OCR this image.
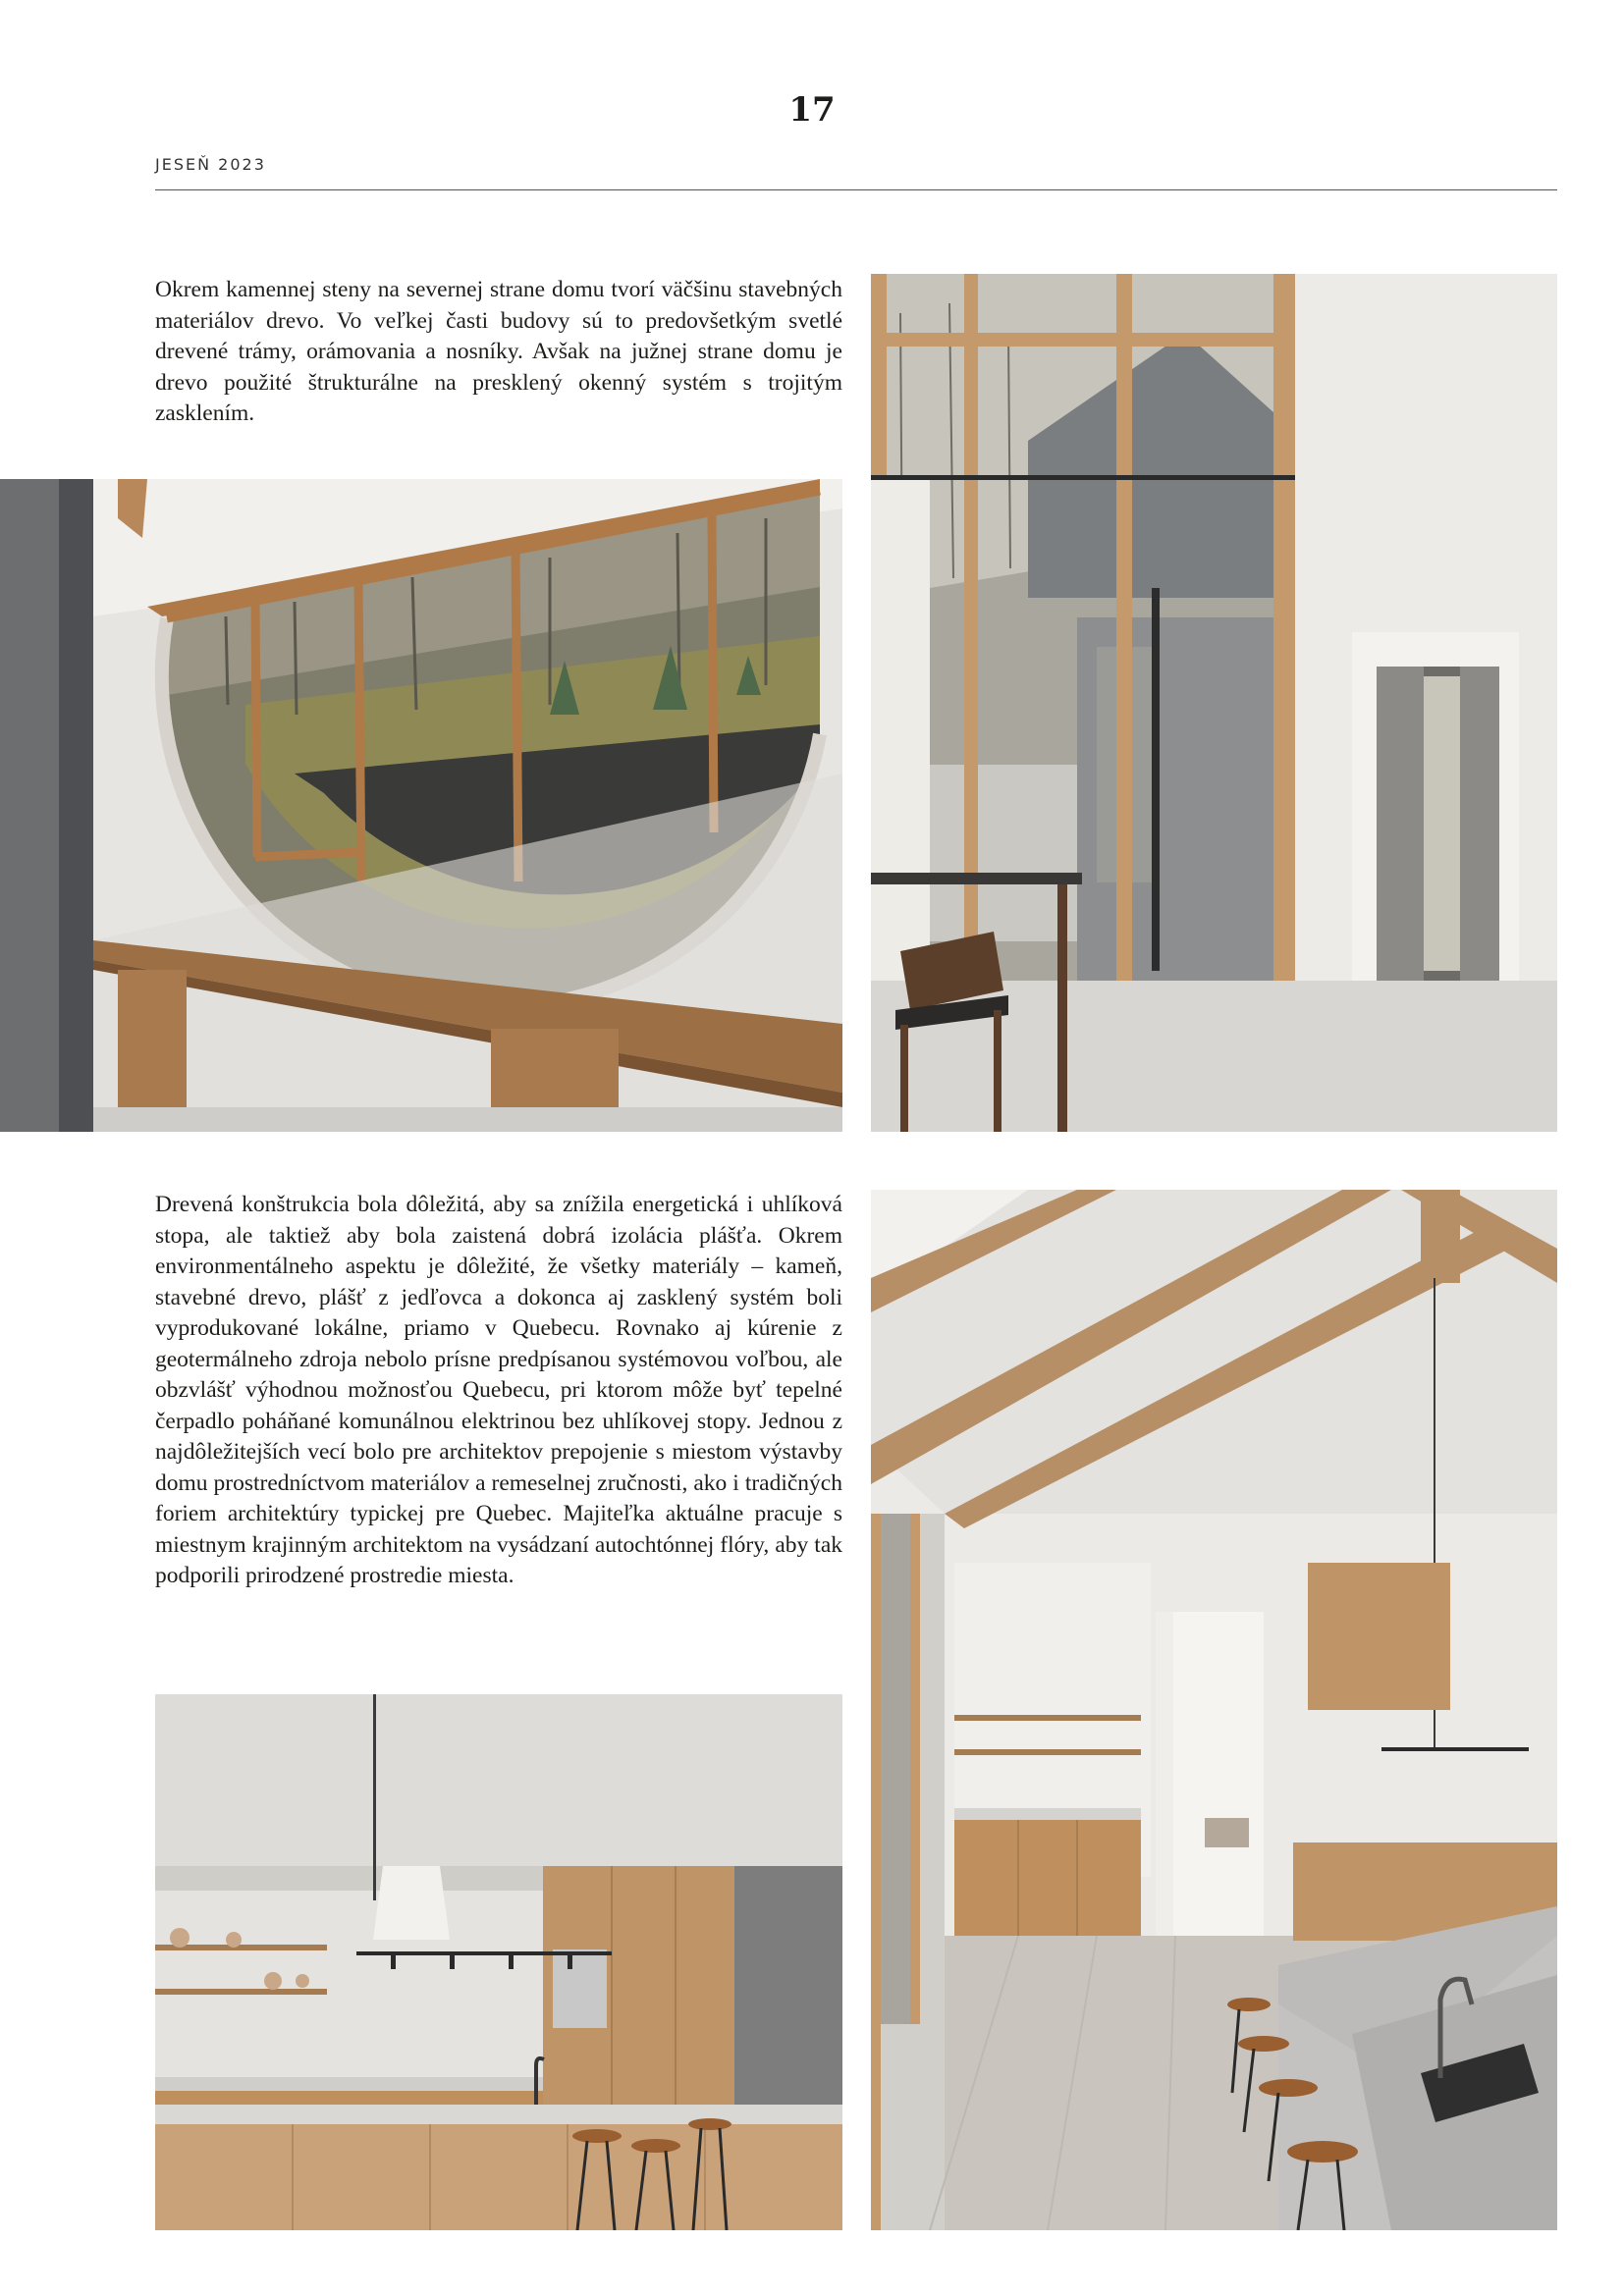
17
JESEŇ 2023

Okrem kamennej steny na severnej strane domu tvorí väčšinu stavebných materiálov drevo. Vo veľkej časti budovy sú to predovšetkým svetlé drevené trámy, orámovania a nosníky. Avšak na južnej strane domu je drevo použité štrukturálne na presklený okenný systém s trojitým zasklením.

Drevená konštrukcia bola dôležitá, aby sa znížila energetická i uhlíková stopa, ale taktiež aby bola zaistená dobrá izolácia plášťa. Okrem environmentálneho aspektu je dôležité, že všetky materiály – kameň, stavebné drevo, plášť z jedľovca a dokonca aj zasklený systém boli vyprodukované lokálne, priamo v Quebecu. Rovnako aj kúrenie z geotermálneho zdroja nebolo prísne predpísanou systémovou voľbou, ale obzvlášť výhodnou možnosťou Quebecu, pri ktorom môže byť tepelné čerpadlo poháňané komunálnou elektrinou bez uhlíkovej stopy. Jednou z najdôležitejších vecí bolo pre architektov prepojenie s miestom výstavby domu prostredníctvom materiálov a remeselnej zručnosti, ako i tradičných foriem architektúry typickej pre Quebec. Majiteľka aktuálne pracuje s miestnym krajinným architektom na vysádzaní autochtónnej flóry, aby tak podporili prirodzené prostredie miesta.
